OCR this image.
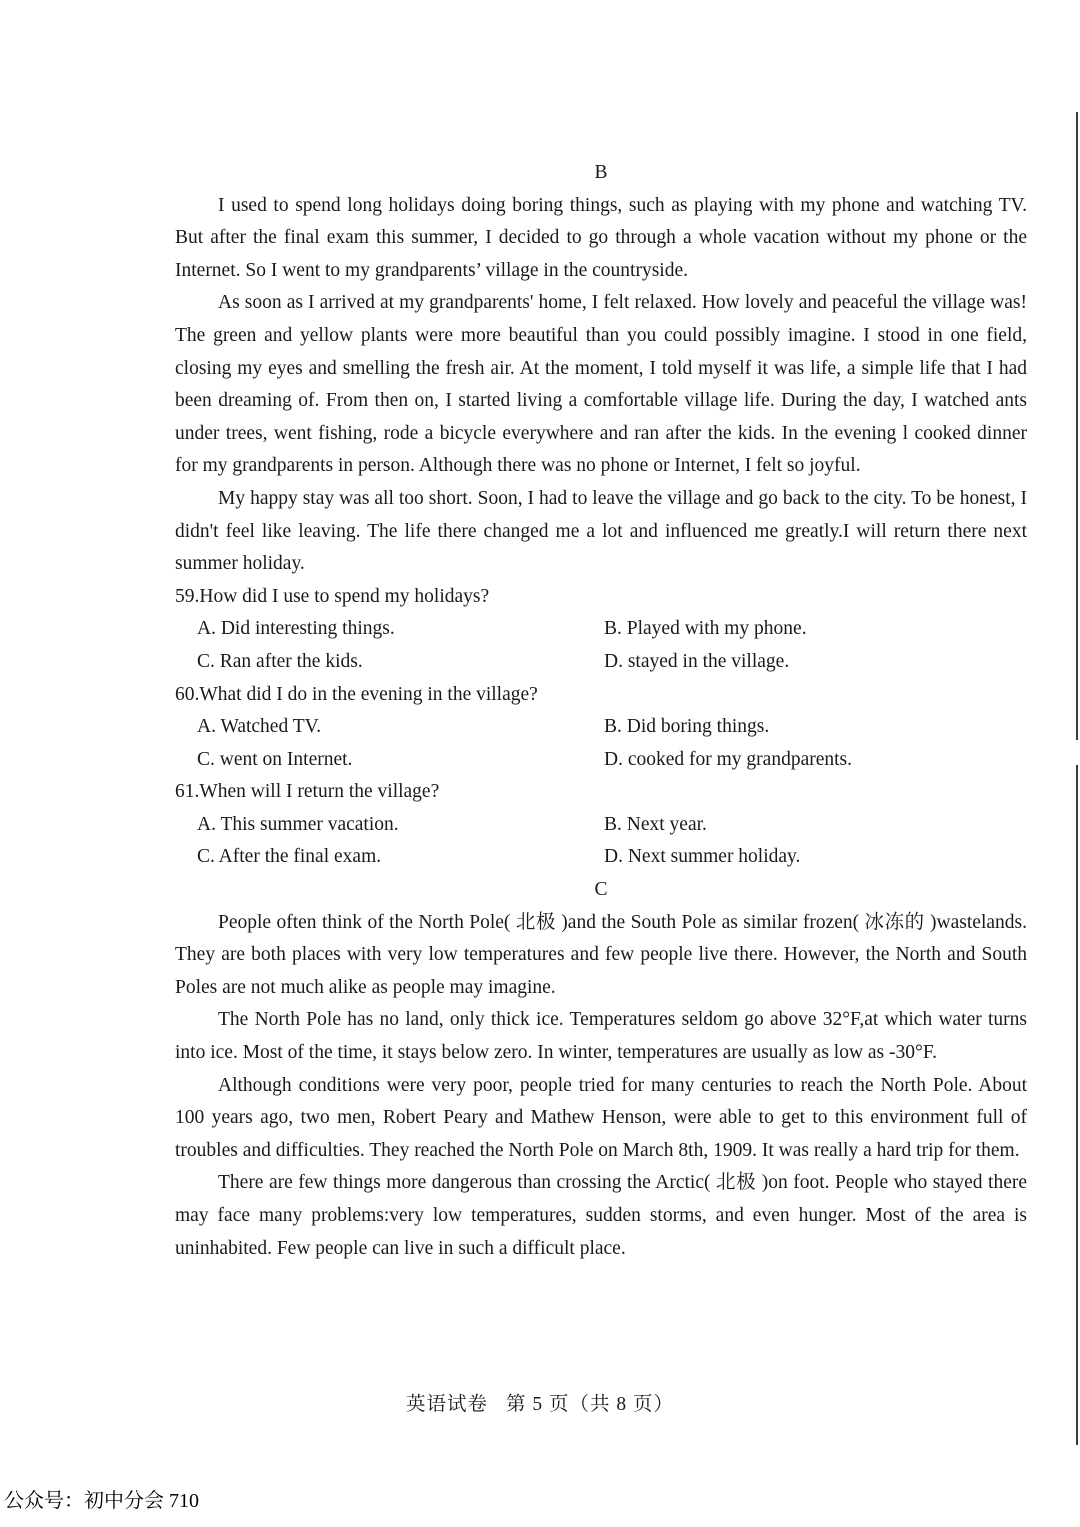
B

I used to spend long holidays doing boring things, such as playing with my phone and watching TV. But after the final exam this summer, I decided to go through a whole vacation without my phone or the Internet. So I went to my grandparents’ village in the countryside.

As soon as I arrived at my grandparents' home, I felt relaxed. How lovely and peaceful the village was! The green and yellow plants were more beautiful than you could possibly imagine. I stood in one field, closing my eyes and smelling the fresh air. At the moment, I told myself it was life, a simple life that I had been dreaming of. From then on, I started living a comfortable village life. During the day, I watched ants under trees, went fishing, rode a bicycle everywhere and ran after the kids. In the evening l cooked dinner for my grandparents in person. Although there was no phone or Internet, I felt so joyful.

My happy stay was all too short. Soon, I had to leave the village and go back to the city. To be honest, I didn't feel like leaving. The life there changed me a lot and influenced me greatly.I will return there next summer holiday.

59.How did I use to spend my holidays?

A. Did interesting things.	B. Played with my phone.
C. Ran after the kids.	D. stayed in the village.

60.What did I do in the evening in the village?

A. Watched TV.	B. Did boring things.
C. went on Internet.	D. cooked for my grandparents.

61.When will I return the village?

A. This summer vacation.	B. Next year.
C. After the final exam.	D. Next summer holiday.
C

People often think of the North Pole( 北极 )and the South Pole as similar frozen( 冰冻的 )wastelands. They are both places with very low temperatures and few people live there. However, the North and South Poles are not much alike as people may imagine.

The North Pole has no land, only thick ice. Temperatures seldom go above 32°F,at which water turns into ice. Most of the time, it stays below zero. In winter, temperatures are usually as low as -30°F.

Although conditions were very poor, people tried for many centuries to reach the North Pole. About 100 years ago, two men, Robert Peary and Mathew Henson, were able to get to this environment full of troubles and difficulties. They reached the North Pole on March 8th, 1909. It was really a hard trip for them.

There are few things more dangerous than crossing the Arctic( 北极 )on foot. People who stayed there may face many problems:very low temperatures, sudden storms, and even hunger. Most of the area is uninhabited. Few people can live in such a difficult place.

英语试卷 第 5 页（共 8 页）
公众号：初中分会 710
